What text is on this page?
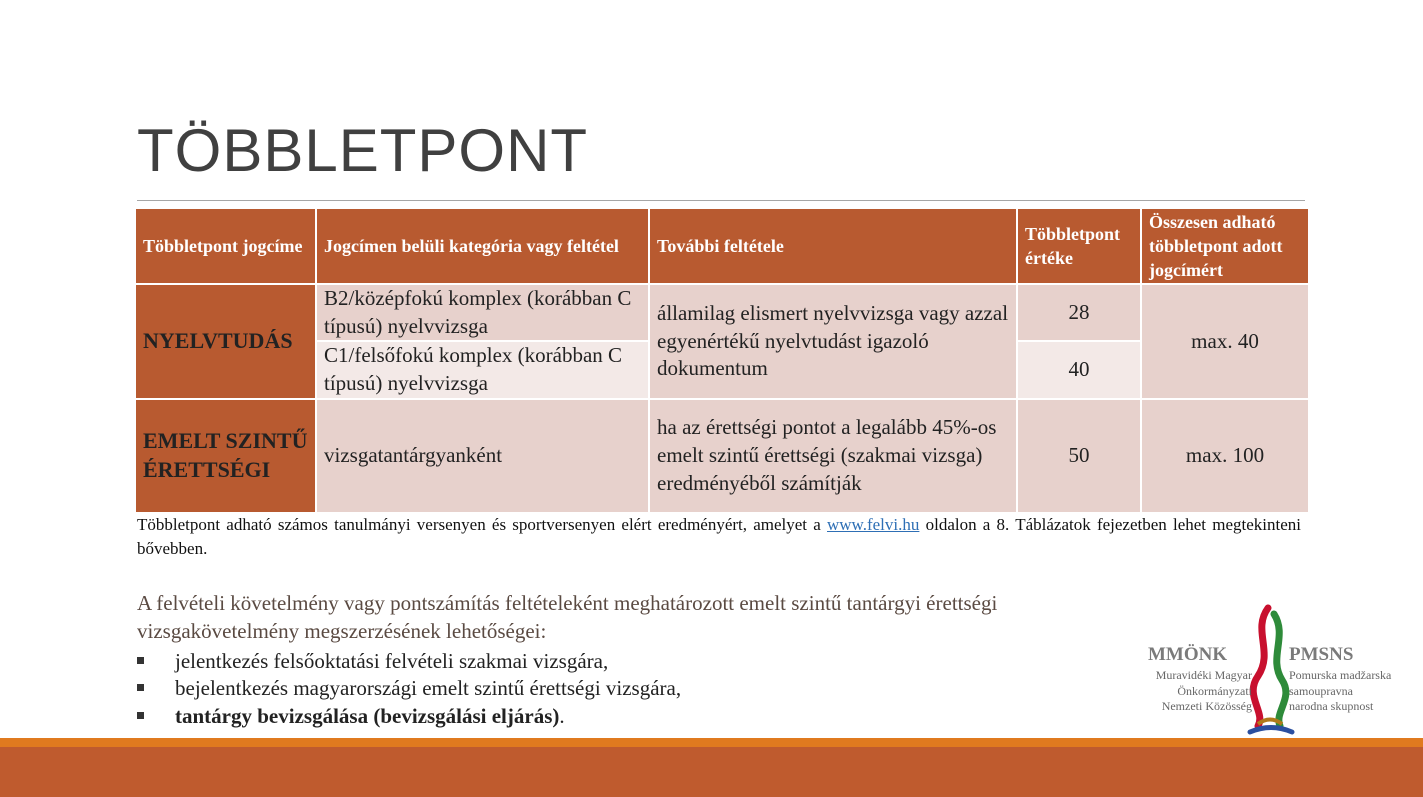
TÖBBLETPONT
Többletpont jogcíme	Jogcímen belüli kategória vagy feltétel	További feltétele	Többletpont értéke	Összesen adható többletpont adott jogcímért
NYELVTUDÁS	B2/középfokú komplex (korábban C típusú) nyelvvizsga	államilag elismert nyelvvizsga vagy azzal egyenértékű nyelvtudást igazoló dokumentum	28	max. 40
	C1/felsőfokú komplex (korábban C típusú) nyelvvizsga		40	
EMELT SZINTŰ ÉRETTSÉGI	vizsgatantárgyanként	ha az érettségi pontot a legalább 45%-os emelt szintű érettségi (szakmai vizsga) eredményéből számítják	50	max. 100
Többletpont adható számos tanulmányi versenyen és sportversenyen elért eredményért, amelyet a www.felvi.hu oldalon a 8. Táblázatok fejezetben lehet megtekinteni bővebben.
A felvételi követelmény vagy pontszámítás feltételeként meghatározott emelt szintű tantárgyi érettségi vizsgakövetelmény megszerzésének lehetőségei:
jelentkezés felsőoktatási felvételi szakmai vizsgára,
bejelentkezés magyarországi emelt szintű érettségi vizsgára,
tantárgy bevizsgálása (bevizsgálási eljárás).
MMÖNK
Muravidéki Magyar
Önkormányzati
Nemzeti Közösség
PMSNS
Pomurska madžarska
samoupravna
narodna skupnost
